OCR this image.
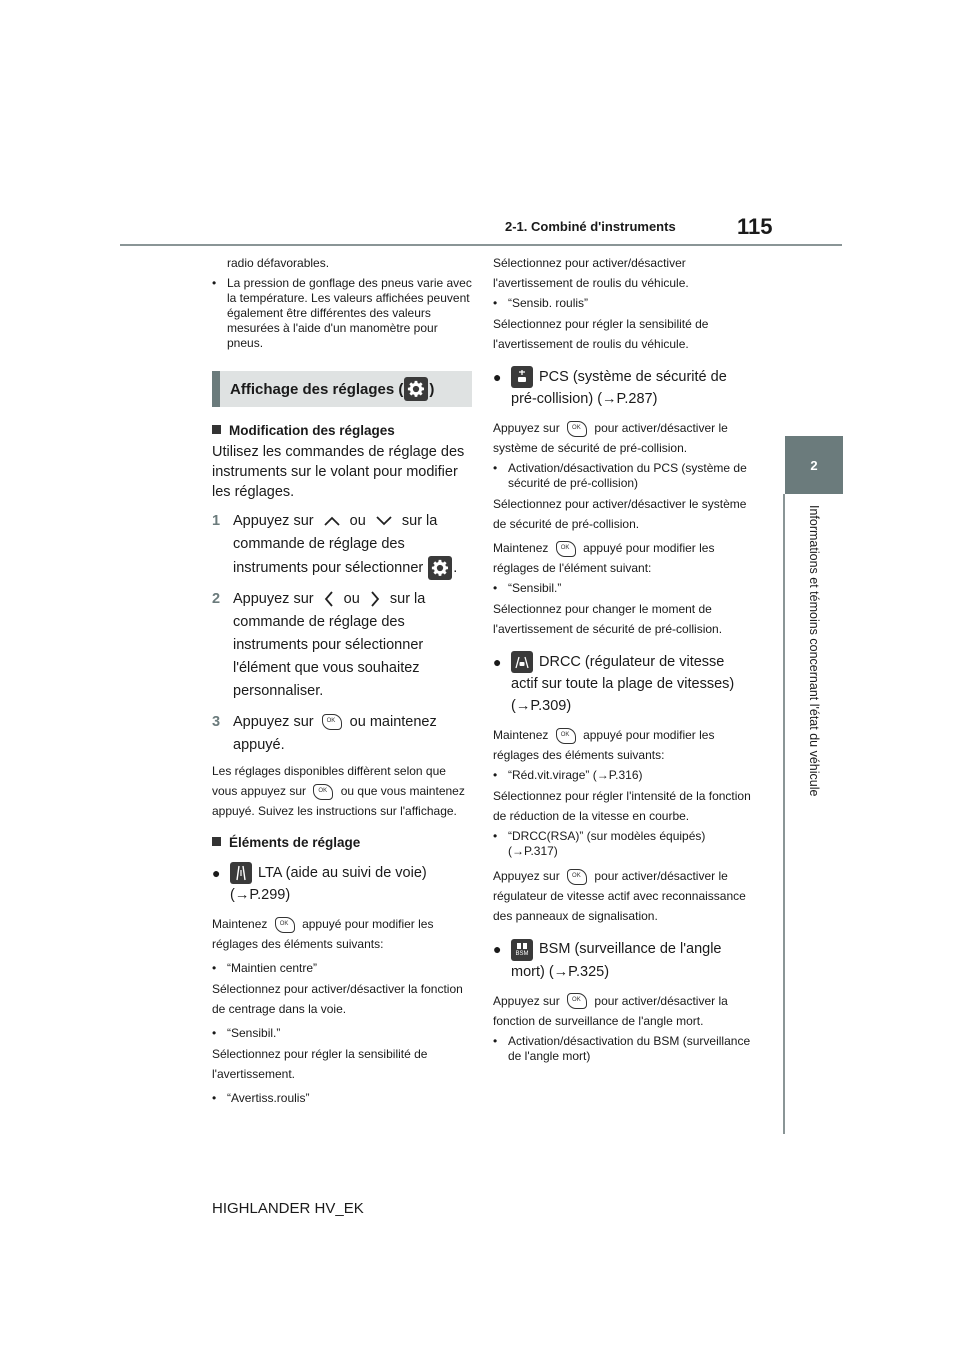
2-1. Combiné d'instruments	115
2
Informations et témoins concernant l'état du véhicule

radio défavorables.

• La pression de gonflage des pneus varie avec la température. Les valeurs affichées peuvent également être différentes des valeurs mesurées à l'aide d'un manomètre pour pneus.
Affichage des réglages ( )
Modification des réglages

Utilisez les commandes de réglage des instruments sur le volant pour modifier les réglages.

1 Appuyez sur ou sur la commande de réglage des instruments pour sélectionner .
2 Appuyez sur ou sur la commande de réglage des instruments pour sélectionner l'élément que vous souhaitez personnaliser.
3 Appuyez sur OK ou maintenez appuyé.

Les réglages disponibles diffèrent selon que vous appuyez sur OK ou que vous maintenez appuyé. Suivez les instructions sur l'affichage.

Éléments de réglage
●	LTA (aide au suivi de voie) (→P.299)

Maintenez OK appuyé pour modifier les réglages des éléments suivants:

• “Maintien centre”

Sélectionnez pour activer/désactiver la fonction de centrage dans la voie.

• “Sensibil.”

Sélectionnez pour régler la sensibilité de l'avertissement.

• “Avertiss.roulis”

Sélectionnez pour activer/désactiver l'avertissement de roulis du véhicule.

• “Sensib. roulis”

Sélectionnez pour régler la sensibilité de l'avertissement de roulis du véhicule.

●	PCS (système de sécurité de pré-collision) (→P.287)

Appuyez sur OK pour activer/désactiver le système de sécurité de pré-collision.

• Activation/désactivation du PCS (système de sécurité de pré-collision)

Sélectionnez pour activer/désactiver le système de sécurité de pré-collision.

Maintenez OK appuyé pour modifier les réglages de l'élément suivant:

• “Sensibil.”

Sélectionnez pour changer le moment de l'avertissement de sécurité de pré-collision.

●	DRCC (régulateur de vitesse actif sur toute la plage de vitesses) (→P.309)

Maintenez OK appuyé pour modifier les réglages des éléments suivants:

• “Réd.vit.virage” (→P.316)

Sélectionnez pour régler l'intensité de la fonction de réduction de la vitesse en courbe.

• “DRCC(RSA)” (sur modèles équipés) (→P.317)

Appuyez sur OK pour activer/désactiver le régulateur de vitesse actif avec reconnaissance des panneaux de signalisation.

●	BSM BSM (surveillance de l'angle mort) (→P.325)

Appuyez sur OK pour activer/désactiver la fonction de surveillance de l'angle mort.

• Activation/désactivation du BSM (surveillance de l'angle mort)
HIGHLANDER HV_EK
